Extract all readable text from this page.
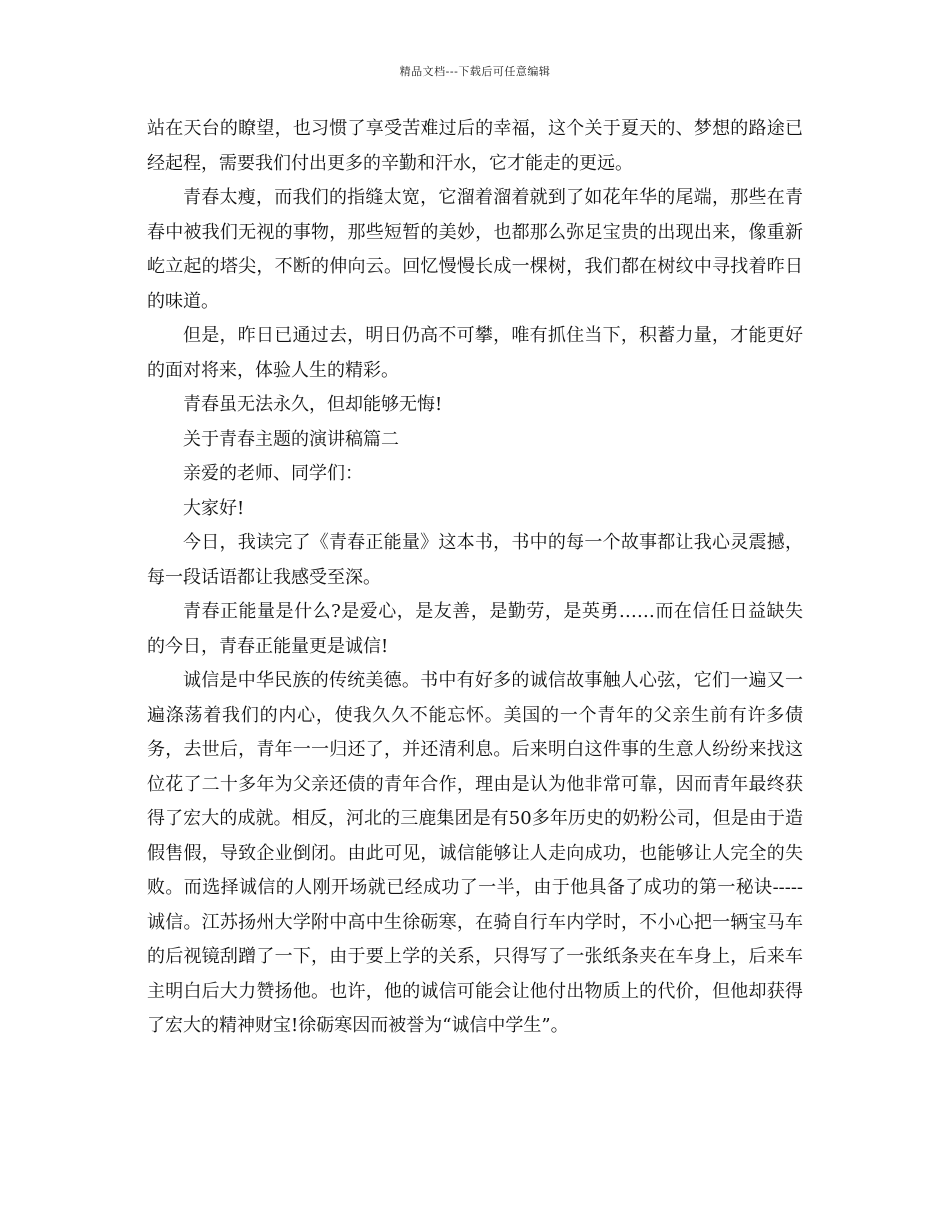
精品文档---下载后可任意编辑

站在天台的瞭望，也习惯了享受苦难过后的幸福，这个关于夏天的、梦想的路途已经起程，需要我们付出更多的辛勤和汗水，它才能走的更远。

青春太瘦，而我们的指缝太宽，它溜着溜着就到了如花年华的尾端，那些在青春中被我们无视的事物，那些短暂的美妙，也都那么弥足宝贵的出现出来，像重新屹立起的塔尖，不断的伸向云。回忆慢慢长成一棵树，我们都在树纹中寻找着昨日的味道。

但是，昨日已通过去，明日仍高不可攀，唯有抓住当下，积蓄力量，才能更好的面对将来，体验人生的精彩。

青春虽无法永久，但却能够无悔!

关于青春主题的演讲稿篇二

亲爱的老师、同学们：

大家好!

今日，我读完了《青春正能量》这本书，书中的每一个故事都让我心灵震撼，每一段话语都让我感受至深。

青春正能量是什么?是爱心，是友善，是勤劳，是英勇……而在信任日益缺失的今日，青春正能量更是诚信!

诚信是中华民族的传统美德。书中有好多的诚信故事触人心弦，它们一遍又一遍涤荡着我们的内心，使我久久不能忘怀。美国的一个青年的父亲生前有许多债务，去世后，青年一一归还了，并还清利息。后来明白这件事的生意人纷纷来找这位花了二十多年为父亲还债的青年合作，理由是认为他非常可靠，因而青年最终获得了宏大的成就。相反，河北的三鹿集团是有50多年历史的奶粉公司，但是由于造假售假，导致企业倒闭。由此可见，诚信能够让人走向成功，也能够让人完全的失败。而选择诚信的人刚开场就已经成功了一半，由于他具备了成功的第一秘诀-----诚信。江苏扬州大学附中高中生徐砺寒，在骑自行车内学时，不小心把一辆宝马车的后视镜刮蹭了一下，由于要上学的关系，只得写了一张纸条夹在车身上，后来车主明白后大力赞扬他。也许，他的诚信可能会让他付出物质上的代价，但他却获得了宏大的精神财宝!徐砺寒因而被誉为“诚信中学生”。
